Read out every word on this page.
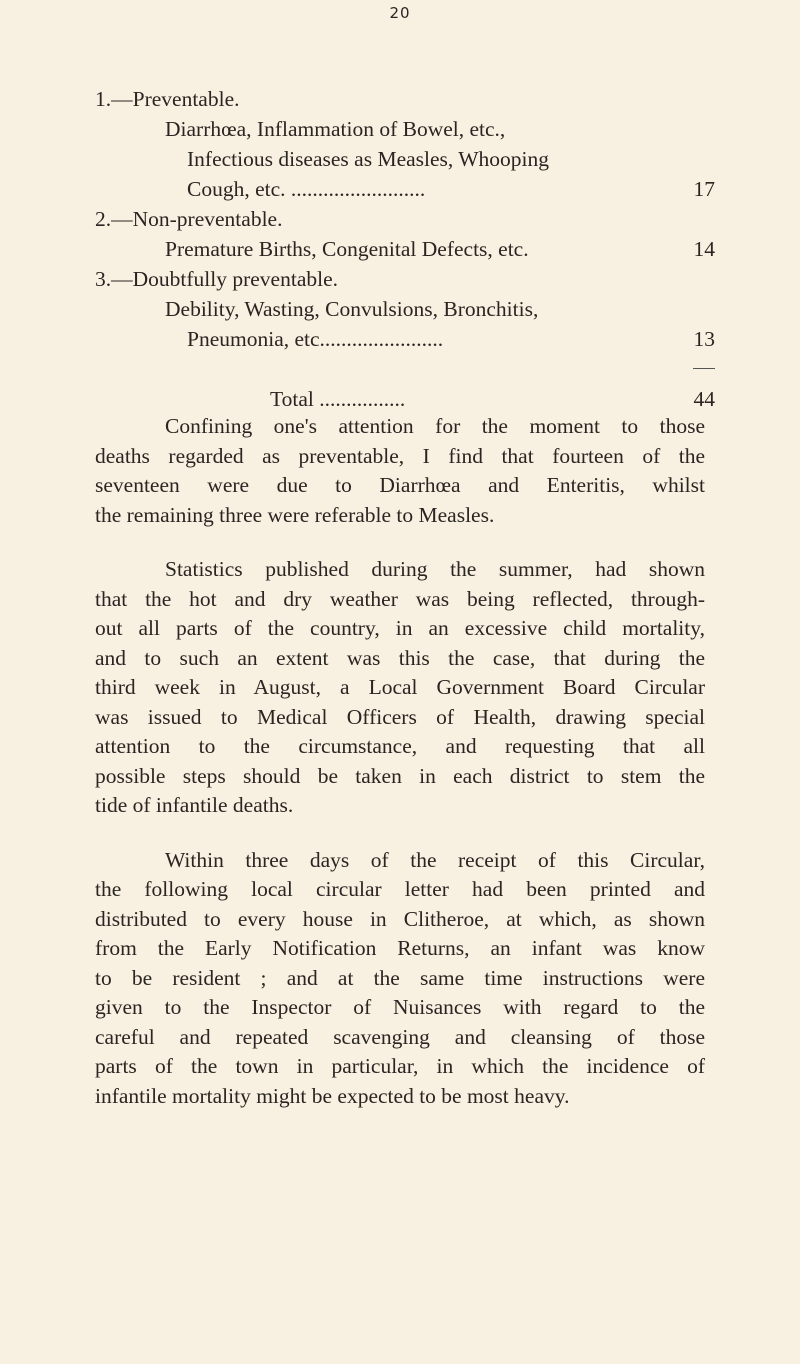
20
1.—Preventable.
Diarrhœa, Inflammation of Bowel, etc.,
Infectious diseases as Measles, Whooping
Cough, etc. .........................	17
2.—Non-preventable.
Premature Births, Congenital Defects, etc.	14
3.—Doubtfully preventable.
Debility, Wasting, Convulsions, Bronchitis,
Pneumonia, etc.......................	13
Total ................	44
Confining one's attention for the moment to those
deaths regarded as preventable, I find that fourteen of the
seventeen were due to Diarrhœa and Enteritis, whilst
the remaining three were referable to Measles.
Statistics published during the summer, had shown
that the hot and dry weather was being reflected, through-
out all parts of the country, in an excessive child mortality,
and to such an extent was this the case, that during the
third week in August, a Local Government Board Circular
was issued to Medical Officers of Health, drawing special
attention to the circumstance, and requesting that all
possible steps should be taken in each district to stem the
tide of infantile deaths.
Within three days of the receipt of this Circular,
the following local circular letter had been printed and
distributed to every house in Clitheroe, at which, as shown
from the Early Notification Returns, an infant was know
to be resident ; and at the same time instructions were
given to the Inspector of Nuisances with regard to the
careful and repeated scavenging and cleansing of those
parts of the town in particular, in which the incidence of
infantile mortality might be expected to be most heavy.
